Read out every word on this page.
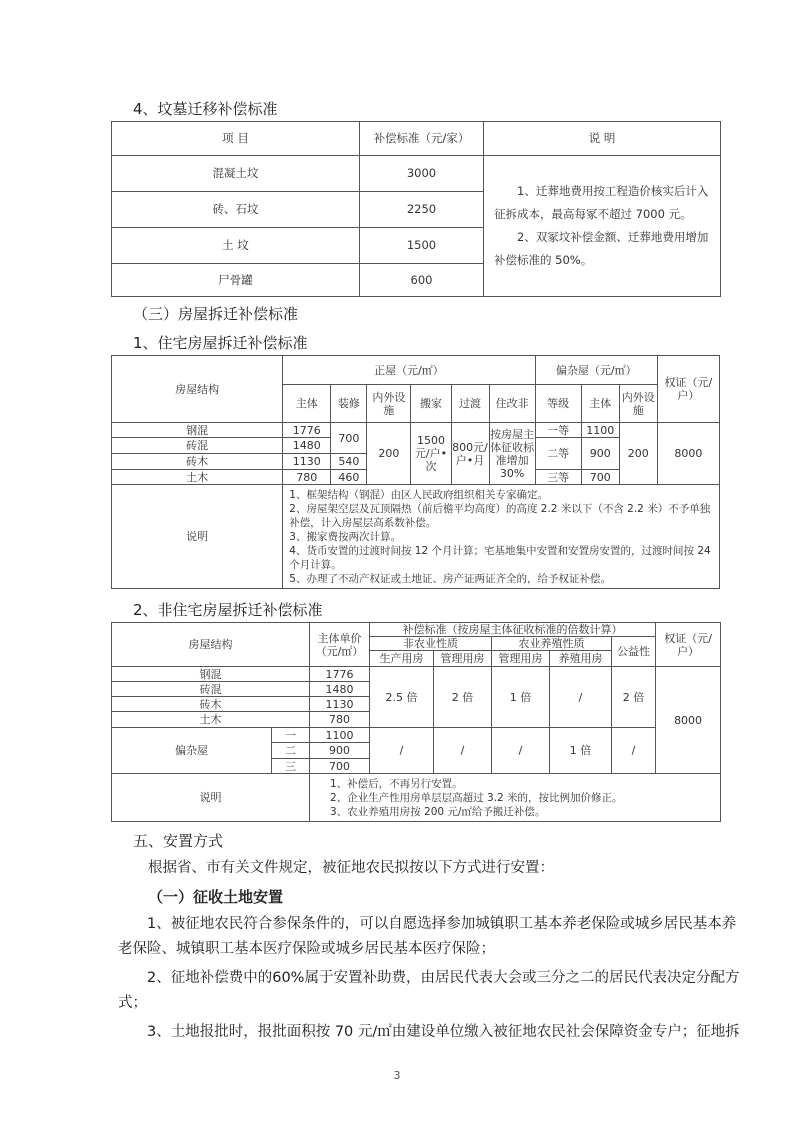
4、坟墓迁移补偿标准
项 目	补偿标准（元/家）	说 明
混凝土坟	3000	1、迁葬地费用按工程造价核实后计入征拆成本，最高每冢不超过 7000 元。
2、双冢坟补偿金额、迁葬地费用增加补偿标准的 50%。

砖、石坟	2250	
土 坟	1500	
尸骨罐	600	
（三）房屋拆迁补偿标准
1、住宅房屋拆迁补偿标准
房屋结构	正屋（元/㎡）						偏杂屋（元/㎡）			权证（元/户）
	主体	装修	内外设施	搬家	过渡	住改非	等级	主体	内外设施	
钢混	1776	700	200	1500元/户•次	800元/户•月	按房屋主体征收标准增加30%	一等	1100	200	8000
砖混	1480						二等	900		
砖木	1130	540								
土木	780	460					三等	700		
说明	1、框架结构（钢混）由区人民政府组织相关专家确定。
2、房屋架空层及瓦顶隔热（前后檐平均高度）的高度 2.2 米以下（不含 2.2 米）不予单独补偿，计入房屋层高系数补偿。
3、搬家费按两次计算。
4、货币安置的过渡时间按 12 个月计算；宅基地集中安置和安置房安置的，过渡时间按 24 个月计算。
5、办理了不动产权证或土地证、房产证两证齐全的，给予权证补偿。									
2、非住宅房屋拆迁补偿标准
房屋结构		主体单价（元/㎡）	补偿标准（按房屋主体征收标准的倍数计算）					权证（元/户）
			非农业性质		农业养殖性质		公益性	
			生产用房	管理用房	管理用房	养殖用房		
钢混		1776	2.5 倍	2 倍	1 倍	/	2 倍	8000
砖混		1480						
砖木		1130						
土木		780						
偏杂屋	一	1100	/	/	/	1 倍	/	
	二	900						
	三	700						
说明		1、补偿后，不再另行安置。
2、企业生产性用房单层层高超过 3.2 米的，按比例加价修正。
3、农业养殖用房按 200 元/㎡给予搬迁补偿。						
五、安置方式
根据省、市有关文件规定，被征地农民拟按以下方式进行安置：
（一）征收土地安置
1、被征地农民符合参保条件的，可以自愿选择参加城镇职工基本养老保险或城乡居民基本养老保险、城镇职工基本医疗保险或城乡居民基本医疗保险；
2、征地补偿费中的60%属于安置补助费，由居民代表大会或三分之二的居民代表决定分配方式；
3、土地报批时，报批面积按 70 元/㎡由建设单位缴入被征地农民社会保障资金专户；征地拆
3
